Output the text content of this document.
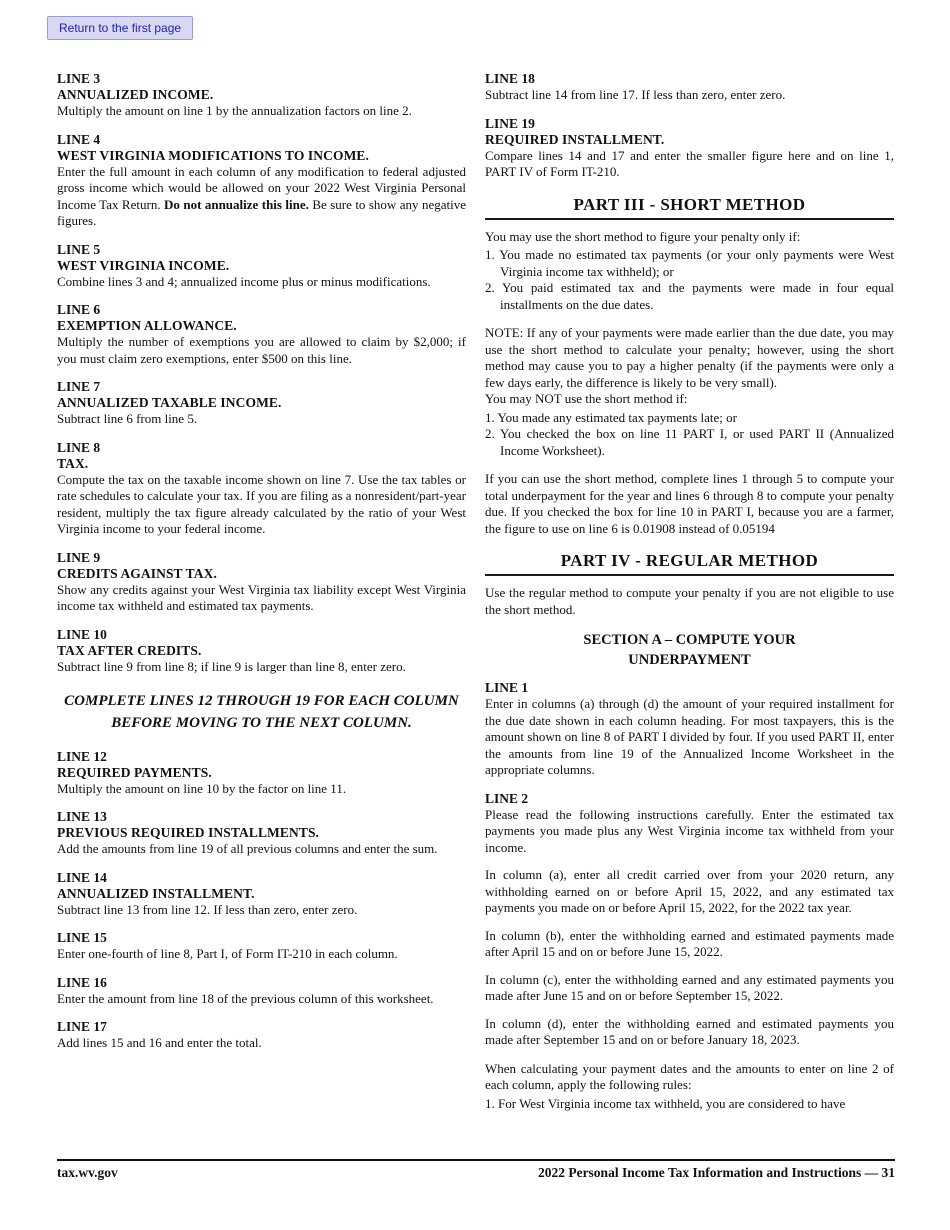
Return to the first page
LINE 3
ANNUALIZED INCOME.

Multiply the amount on line 1 by the annualization factors on line 2.

LINE 4
WEST VIRGINIA MODIFICATIONS TO INCOME.

Enter the full amount in each column of any modification to federal adjusted gross income which would be allowed on your 2022 West Virginia Personal Income Tax Return. Do not annualize this line. Be sure to show any negative figures.

LINE 5
WEST VIRGINIA INCOME.

Combine lines 3 and 4; annualized income plus or minus modifications.

LINE 6
EXEMPTION ALLOWANCE.

Multiply the number of exemptions you are allowed to claim by $2,000; if you must claim zero exemptions, enter $500 on this line.

LINE 7
ANNUALIZED TAXABLE INCOME.

Subtract line 6 from line 5.

LINE 8
TAX.

Compute the tax on the taxable income shown on line 7. Use the tax tables or rate schedules to calculate your tax. If you are filing as a nonresident/part-year resident, multiply the tax figure already calculated by the ratio of your West Virginia income to your federal income.

LINE 9
CREDITS AGAINST TAX.

Show any credits against your West Virginia tax liability except West Virginia income tax withheld and estimated tax payments.

LINE 10
TAX AFTER CREDITS.

Subtract line 9 from line 8; if line 9 is larger than line 8, enter zero.

COMPLETE LINES 12 THROUGH 19 FOR EACH COLUMN BEFORE MOVING TO THE NEXT COLUMN.

LINE 12
REQUIRED PAYMENTS.

Multiply the amount on line 10 by the factor on line 11.

LINE 13
PREVIOUS REQUIRED INSTALLMENTS.

Add the amounts from line 19 of all previous columns and enter the sum.

LINE 14
ANNUALIZED INSTALLMENT.

Subtract line 13 from line 12. If less than zero, enter zero.

LINE 15

Enter one-fourth of line 8, Part I, of Form IT-210 in each column.

LINE 16

Enter the amount from line 18 of the previous column of this worksheet.

LINE 17

Add lines 15 and 16 and enter the total.

LINE 18

Subtract line 14 from line 17. If less than zero, enter zero.

LINE 19
REQUIRED INSTALLMENT.

Compare lines 14 and 17 and enter the smaller figure here and on line 1, PART IV of Form IT-210.

PART III - SHORT METHOD

You may use the short method to figure your penalty only if:

1. You made no estimated tax payments (or your only payments were West Virginia income tax withheld); or

2. You paid estimated tax and the payments were made in four equal installments on the due dates.

NOTE: If any of your payments were made earlier than the due date, you may use the short method to calculate your penalty; however, using the short method may cause you to pay a higher penalty (if the payments were only a few days early, the difference is likely to be very small).

You may NOT use the short method if:

1. You made any estimated tax payments late; or

2. You checked the box on line 11 PART I, or used PART II (Annualized Income Worksheet).

If you can use the short method, complete lines 1 through 5 to compute your total underpayment for the year and lines 6 through 8 to compute your penalty due. If you checked the box for line 10 in PART I, because you are a farmer, the figure to use on line 6 is 0.01908 instead of 0.05194

PART IV - REGULAR METHOD

Use the regular method to compute your penalty if you are not eligible to use the short method.

SECTION A – COMPUTE YOUR UNDERPAYMENT
LINE 1

Enter in columns (a) through (d) the amount of your required installment for the due date shown in each column heading. For most taxpayers, this is the amount shown on line 8 of PART I divided by four. If you used PART II, enter the amounts from line 19 of the Annualized Income Worksheet in the appropriate columns.

LINE 2

Please read the following instructions carefully. Enter the estimated tax payments you made plus any West Virginia income tax withheld from your income.

In column (a), enter all credit carried over from your 2020 return, any withholding earned on or before April 15, 2022, and any estimated tax payments you made on or before April 15, 2022, for the 2022 tax year.

In column (b), enter the withholding earned and estimated payments made after April 15 and on or before June 15, 2022.

In column (c), enter the withholding earned and any estimated payments you made after June 15 and on or before September 15, 2022.

In column (d), enter the withholding earned and estimated payments you made after September 15 and on or before January 18, 2023.

When calculating your payment dates and the amounts to enter on line 2 of each column, apply the following rules:

1. For West Virginia income tax withheld, you are considered to have

tax.wv.gov	2022 Personal Income Tax Information and Instructions — 31
